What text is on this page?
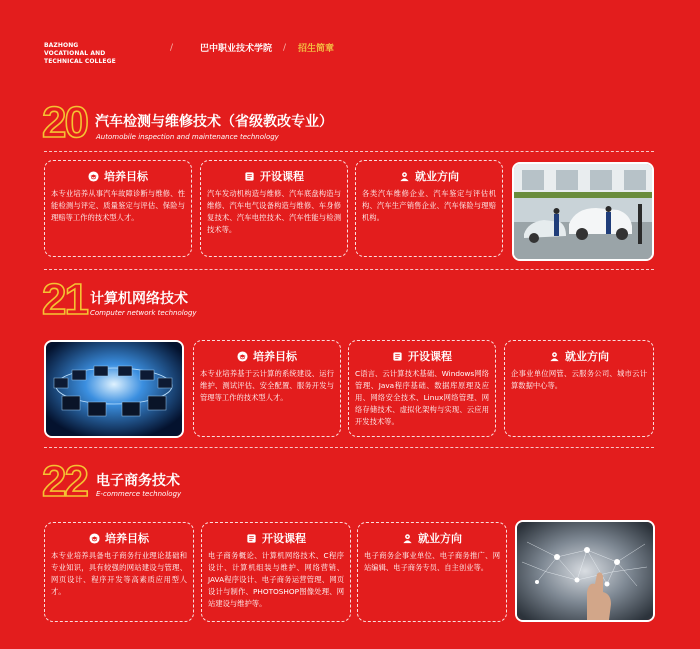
BAZHONG VOCATIONAL AND TECHNICAL COLLEGE
/	巴中职业技术学院 / 招生简章
20 汽车检测与维修技术（省级教改专业）
Automobile inspection and maintenance technology
培养目标
本专业培养从事汽车故障诊断与维修、性能检测与评定、质量鉴定与评估、保险与理赔等工作的技术型人才。
开设课程
汽车发动机构造与维修、汽车底盘构造与维修、汽车电气设备构造与维修、车身修复技术、汽车电控技术、汽车性能与检测技术等。
就业方向
各类汽车维修企业、汽车鉴定与评估机构、汽车生产销售企业、汽车保险与理赔机构。
21 计算机网络技术
Computer network technology
培养目标
本专业培养基于云计算的系统建设、运行维护、测试评估、安全配置、服务开发与管理等工作的技术型人才。
开设课程
C语言、云计算技术基础、Windows网络管理、Java程序基础、数据库原理及应用、网络安全技术、Linux网络管理、网络存储技术、虚拟化架构与实现、云应用开发技术等。
就业方向
企事业单位网管、云服务公司、城市云计算数据中心等。
22 电子商务技术
E-commerce technology
培养目标
本专业培养具备电子商务行业理论基础和专业知识，具有较强的网站建设与管理、网页设计、程序开发等高素质应用型人才。
开设课程
电子商务概论、计算机网络技术、C程序设计、计算机组装与维护、网络营销、JAVA程序设计、电子商务运营管理、网页设计与制作、PHOTOSHOP图像处理、网站建设与维护等。
就业方向
电子商务企事业单位、电子商务推广、网站编辑、电子商务专员、自主创业等。
